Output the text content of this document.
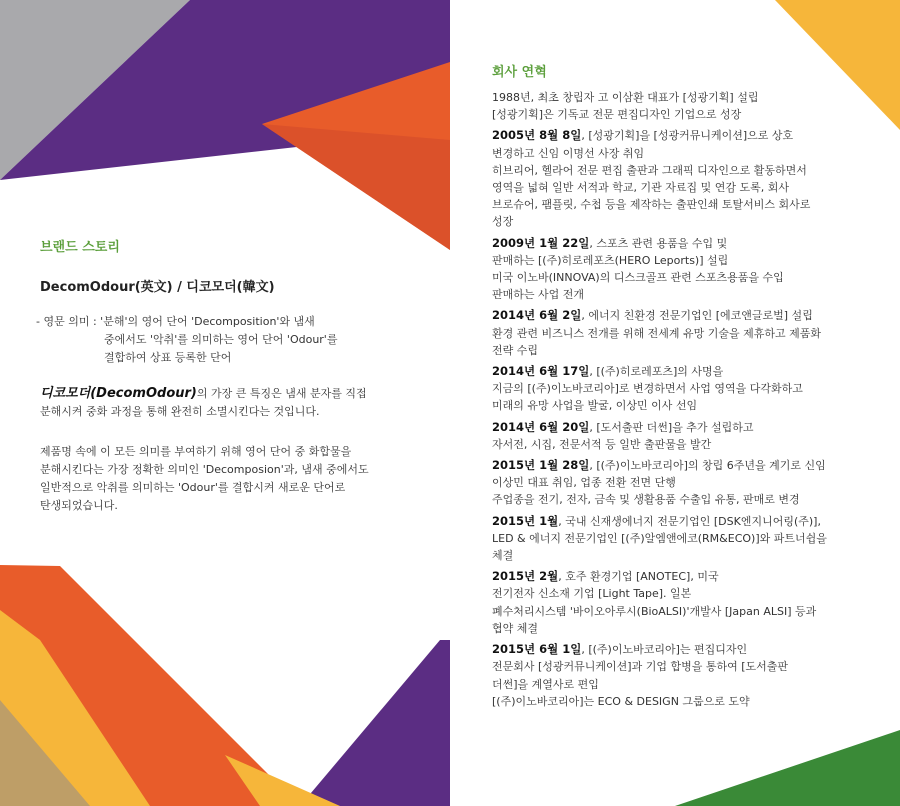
브랜드 스토리
DecomOdour(英文) / 디코모더(韓文)
- 영문 의미 : '분해'의 영어 단어 'Decomposition'와 냄새
중에서도 '악취'를 의미하는 영어 단어 'Odour'를
결합하여 상표 등록한 단어

디코모더(DecomOdour)의 가장 큰 특징은 냄새 분자를 직접
분해시켜 중화 과정을 통해 완전히 소멸시킨다는 것입니다.

제품명 속에 이 모든 의미를 부여하기 위해 영어 단어 중 화합물을
분해시킨다는 가장 정확한 의미인 'Decomposion'과, 냄새 중에서도
일반적으로 악취를 의미하는 'Odour'를 결합시켜 새로운 단어로
탄생되었습니다.

회사 연혁

1988년, 최초 창립자 고 이삼환 대표가 [성광기획] 설립
[성광기획]은 기독교 전문 편집디자인 기업으로 성장

2005년 8월 8일, [성광기획]을 [성광커뮤니케이션]으로 상호
변경하고 신임 이명선 사장 취임
히브리어, 헬라어 전문 편집 출판과 그래픽 디자인으로 활동하면서
영역을 넓혀 일반 서적과 학교, 기관 자료집 및 연감 도록, 회사
브로슈어, 팸플릿, 수첩 등을 제작하는 출판인쇄 토탈서비스 회사로
성장

2009년 1월 22일, 스포츠 관련 용품을 수입 및
판매하는 [(주)히로레포츠(HERO Leports)] 설립
미국 이노바(INNOVA)의 디스크골프 관련 스포츠용품을 수입
판매하는 사업 전개

2014년 6월 2일, 에너지 친환경 전문기업인 [에코앤글로벌] 설립
환경 관련 비즈니스 전개를 위해 전세계 유망 기술을 제휴하고 제품화
전략 수립

2014년 6월 17일, [(주)히로레포츠]의 사명을
지금의 [(주)이노바코리아]로 변경하면서 사업 영역을 다각화하고
미래의 유망 사업을 발굴, 이상민 이사 선임

2014년 6월 20일, [도서출판 더썬]을 추가 설립하고
자서전, 시집, 전문서적 등 일반 출판물을 발간

2015년 1월 28일, [(주)이노바코리아]의 창립 6주년을 계기로 신임
이상민 대표 취임, 업종 전환 전면 단행
주업종을 전기, 전자, 금속 및 생활용품 수출입 유통, 판매로 변경

2015년 1월, 국내 신재생에너지 전문기업인 [DSK엔지니어링(주)],
LED & 에너지 전문기업인 [(주)알엠앤에코(RM&ECO)]와 파트너쉽을
체결

2015년 2월, 호주 환경기업 [ANOTEC], 미국
전기전자 신소재 기업 [Light Tape]. 일본
폐수처리시스템 '바이오아루시(BioALSI)'개발사 [Japan ALSI] 등과
협약 체결

2015년 6월 1일, [(주)이노바코리아]는 편집디자인
전문회사 [성광커뮤니케이션]과 기업 합병을 통하여 [도서출판
더썬]을 계열사로 편입
[(주)이노바코리아]는 ECO & DESIGN 그룹으로 도약
